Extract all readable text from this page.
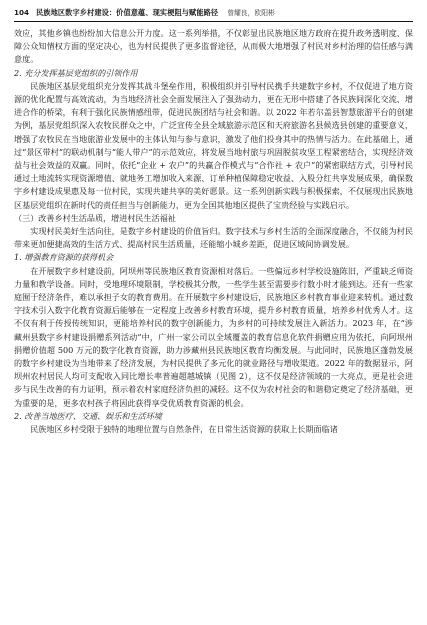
104 民族地区数字乡村建设：价值意蕴、现实梗阻与赋能路径 曾耀良，欧阳彬

效应，其他乡镇也纷纷加大信息公开力度。这一系列举措，不仅彰显出民族地区地方政府在提升政务透明度、保障公众知情权方面的坚定决心，也为村民提供了更多监督途径，从而极大地增强了村民对乡村治理的信任感与满意度。

2. 充分发挥基层党组织的引领作用

民族地区基层党组织充分发挥其战斗堡垒作用，积极组织并引导村民携手共建数字乡村，不仅促进了地方资源的优化配置与高效流动，为当地经济社会全面发展注入了强劲动力，更在无形中搭建了各民族间深化交流、增进合作的桥梁，有利于强化民族情感纽带，促进民族团结与社会和谐。以 2022 年若尔盖县智慧旅游平台的创建为例，基层党组织深入农牧民群众之中，广泛宣传全县全域旅游示范区和天府旅游名县候选县创建的重要意义，增强了农牧民在当地旅游业发展中的主体认知与参与意识，激发了他们投身其中的热情与活力。在此基础上，通过“景区带村”的联动机制与“能人带户”的示范效应，将发展当地村旅与巩固脱贫攻坚工程紧密结合，实现经济效益与社会效益的双赢。同时，依托“企业 + 农户”的共赢合作模式与“合作社 + 农户”的紧密联结方式，引导村民通过土地流转实现资源增值、就地务工增加收入来源、订单种植保障稳定收益、入股分红共享发展成果，确保数字乡村建设成果惠及每一位村民，实现共建共享的美好愿景。这一系列创新实践与积极探索，不仅展现出民族地区基层党组织在新时代的责任担当与创新能力，更为全国其他地区提供了宝贵经验与实践启示。

（三）改善乡村生活品质，增进村民生活福祉

实现村民美好生活向往，是数字乡村建设的价值旨归。数字技术与乡村生活的全面深度融合，不仅能为村民带来更加便捷高效的生活方式、提高村民生活质量，还能缩小城乡差距，促进区域间协调发展。

1. 增强教育资源的获得机会

在开展数字乡村建设前，阿坝州等民族地区教育资源相对落后。一些偏远乡村学校设施陈旧，严重缺乏师资力量和教学设备。同时，受地理环境限制，学校极其分散，一些学生甚至需要步行数小时才能到达。还有一些家庭囿于经济条件，难以承担子女的教育费用。在开展数字乡村建设后，民族地区乡村教育事业迎来转机。通过数字技术引入数字化教育资源后能够在一定程度上改善乡村教育环境，提升乡村教育质量，培养乡村优秀人才。这不仅有利于传授传统知识，更能培养村民的数字创新能力，为乡村的可持续发展注入新活力。2023 年，在“涉藏州县数字乡村建设捐赠系列活动”中，广州一家公司以全域覆盖的教育信息化软件捐赠应用为依托，向阿坝州捐赠价值超 500 万元的数字化教育资源，助力涉藏州县民族地区教育均衡发展。与此同时，民族地区蓬勃发展的数字乡村建设为当地带来了经济发展，为村民提供了多元化的就业路径与增收渠道。2022 年的数据显示，阿坝州农村居民人均可支配收入同比增长率普遍超越城镇（见图 2），这不仅是经济领域的一大亮点，更是社会进步与民生改善的有力证明，预示着农村家庭经济负担的减轻。这不仅为农村社会的和谐稳定奠定了经济基础，更为重要的是，更多农村孩子将因此获得享受优质教育资源的机会。

2. 改善当地医疗、交通、娱乐和生活环境

民族地区乡村受限于独特的地理位置与自然条件，在日常生活资源的获取上长期面临诸
